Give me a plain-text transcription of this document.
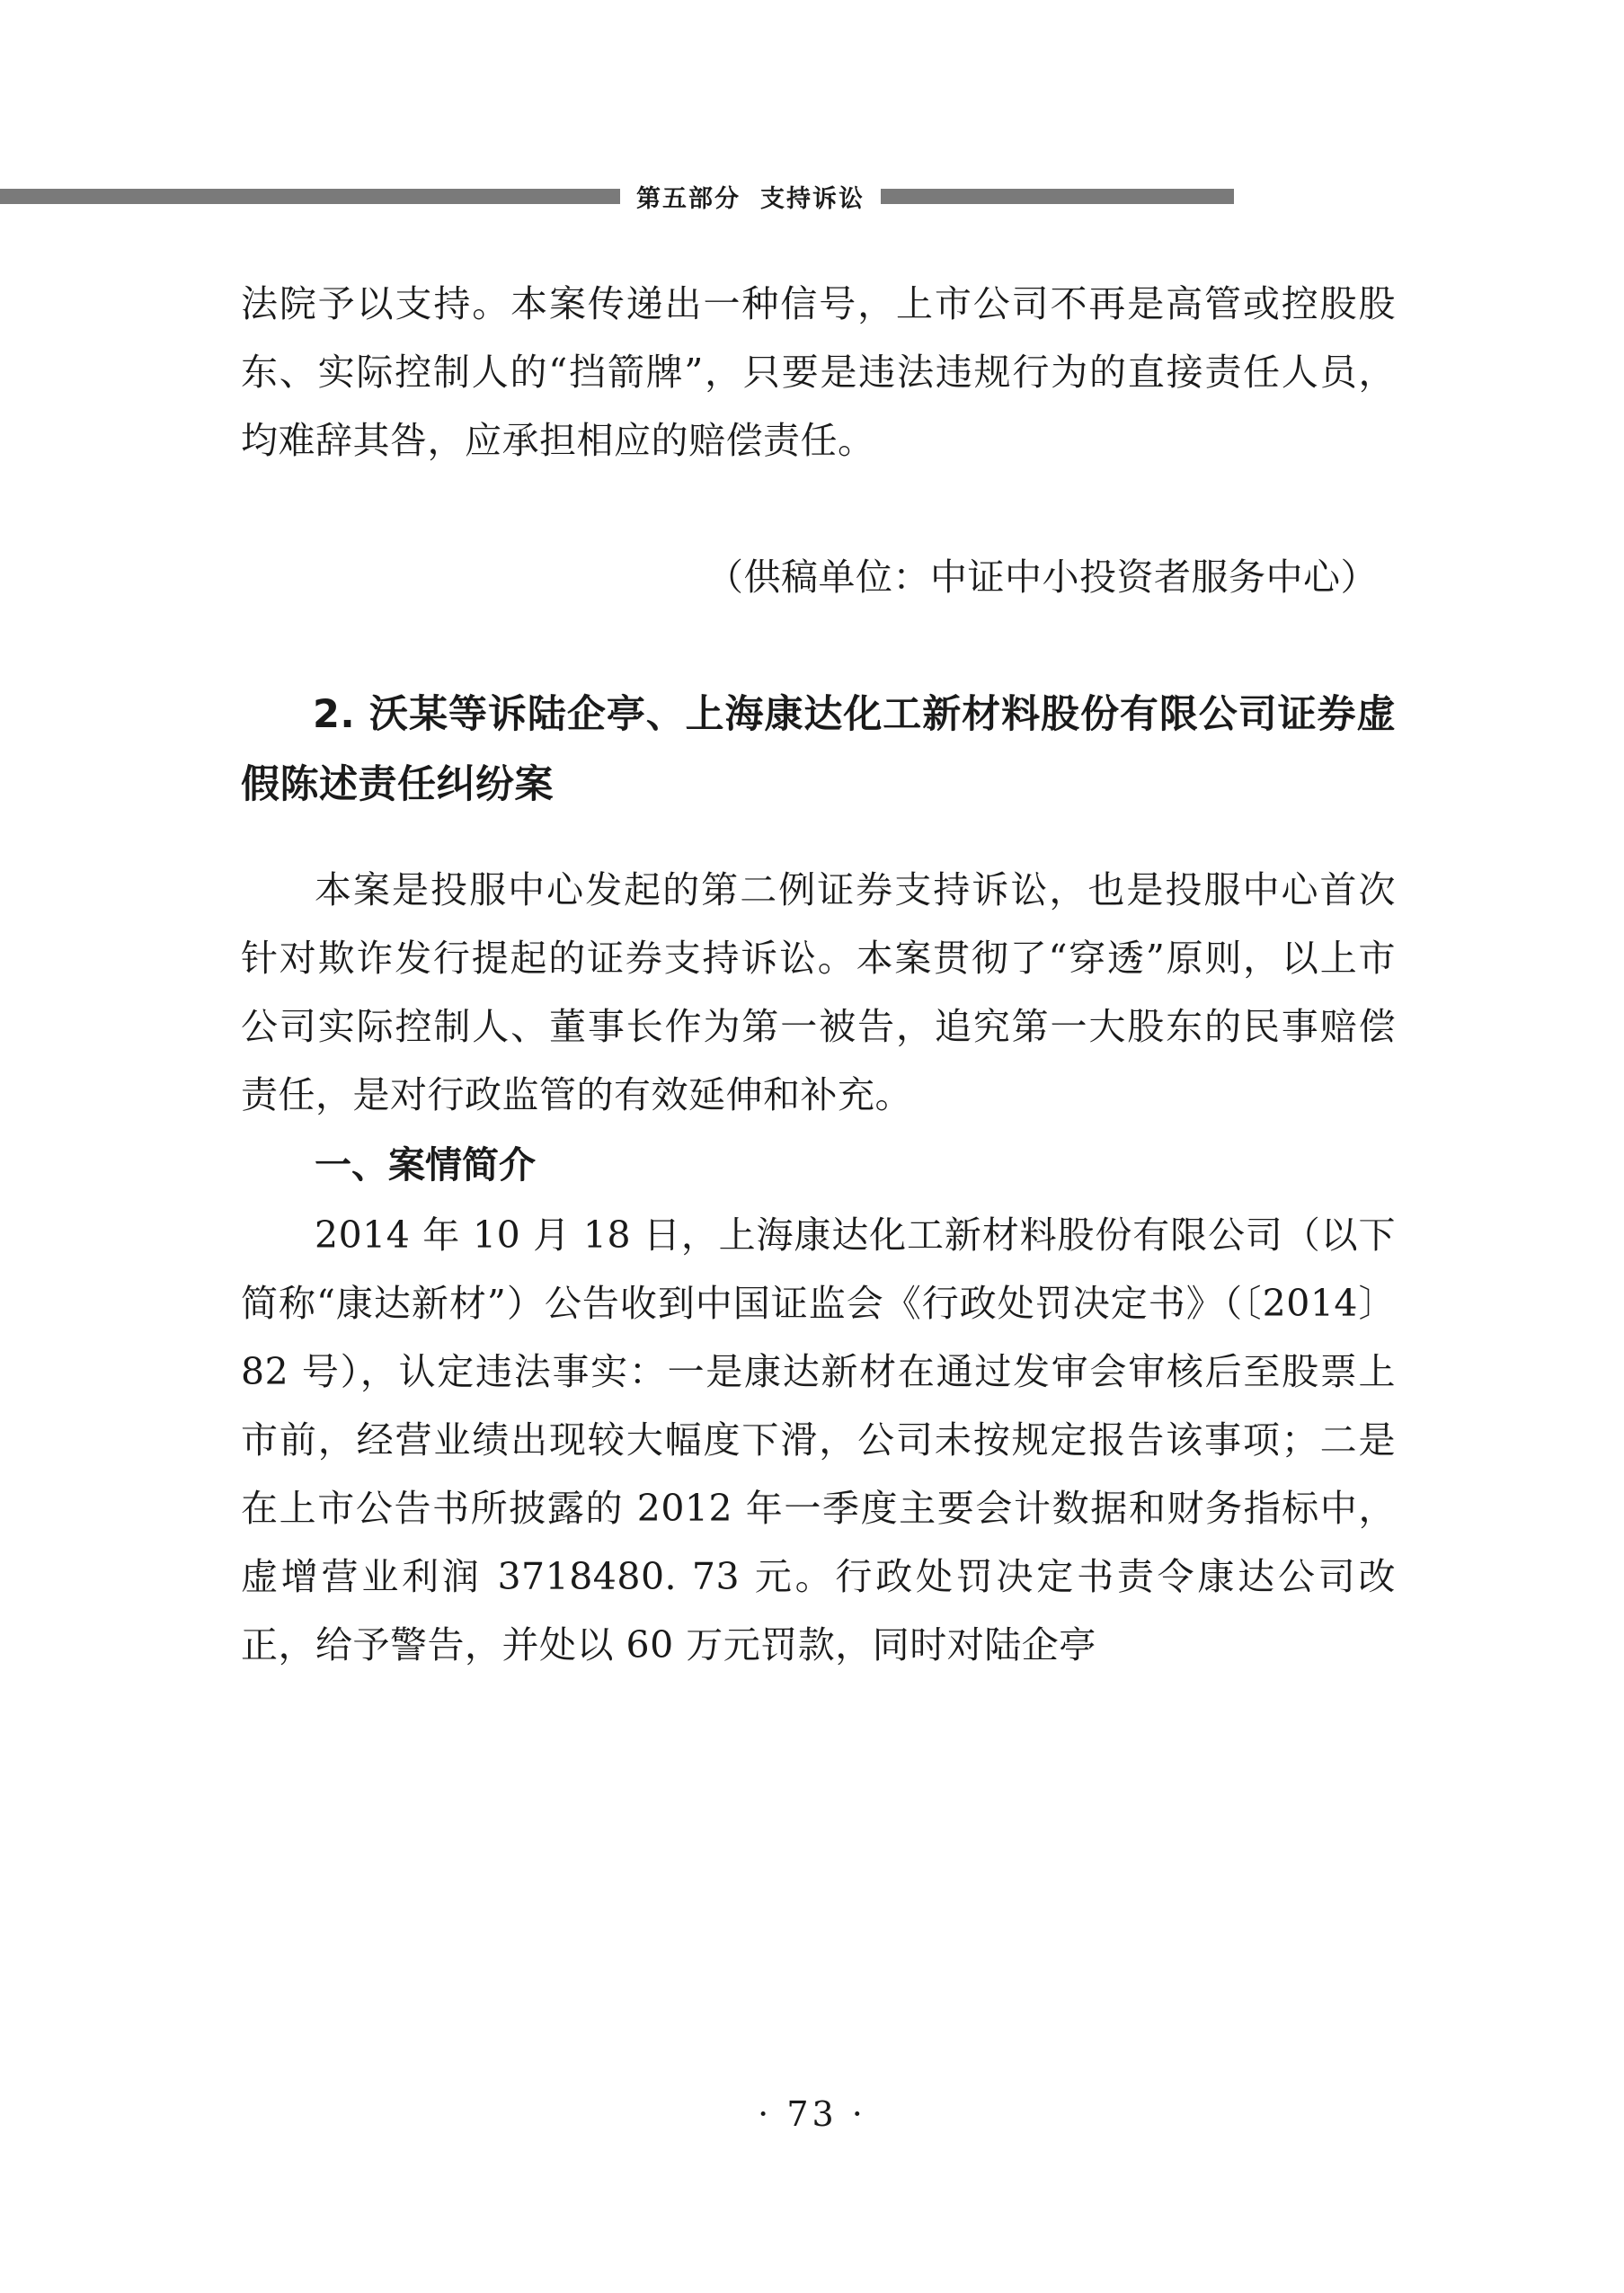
第五部分 支持诉讼

法院予以支持。本案传递出一种信号，上市公司不再是高管或控股股东、实际控制人的“挡箭牌”，只要是违法违规行为的直接责任人员，均难辞其咎，应承担相应的赔偿责任。

（供稿单位：中证中小投资者服务中心）

2. 沃某等诉陆企亭、上海康达化工新材料股份有限公司证券虚假陈述责任纠纷案

本案是投服中心发起的第二例证券支持诉讼，也是投服中心首次针对欺诈发行提起的证券支持诉讼。本案贯彻了“穿透”原则，以上市公司实际控制人、董事长作为第一被告，追究第一大股东的民事赔偿责任，是对行政监管的有效延伸和补充。

一、案情简介

2014 年 10 月 18 日，上海康达化工新材料股份有限公司（以下简称“康达新材”）公告收到中国证监会《行政处罚决定书》（〔2014〕82 号），认定违法事实：一是康达新材在通过发审会审核后至股票上市前，经营业绩出现较大幅度下滑，公司未按规定报告该事项；二是在上市公告书所披露的 2012 年一季度主要会计数据和财务指标中，虚增营业利润 3718480. 73 元。行政处罚决定书责令康达公司改正，给予警告，并处以 60 万元罚款，同时对陆企亭

· 73 ·
